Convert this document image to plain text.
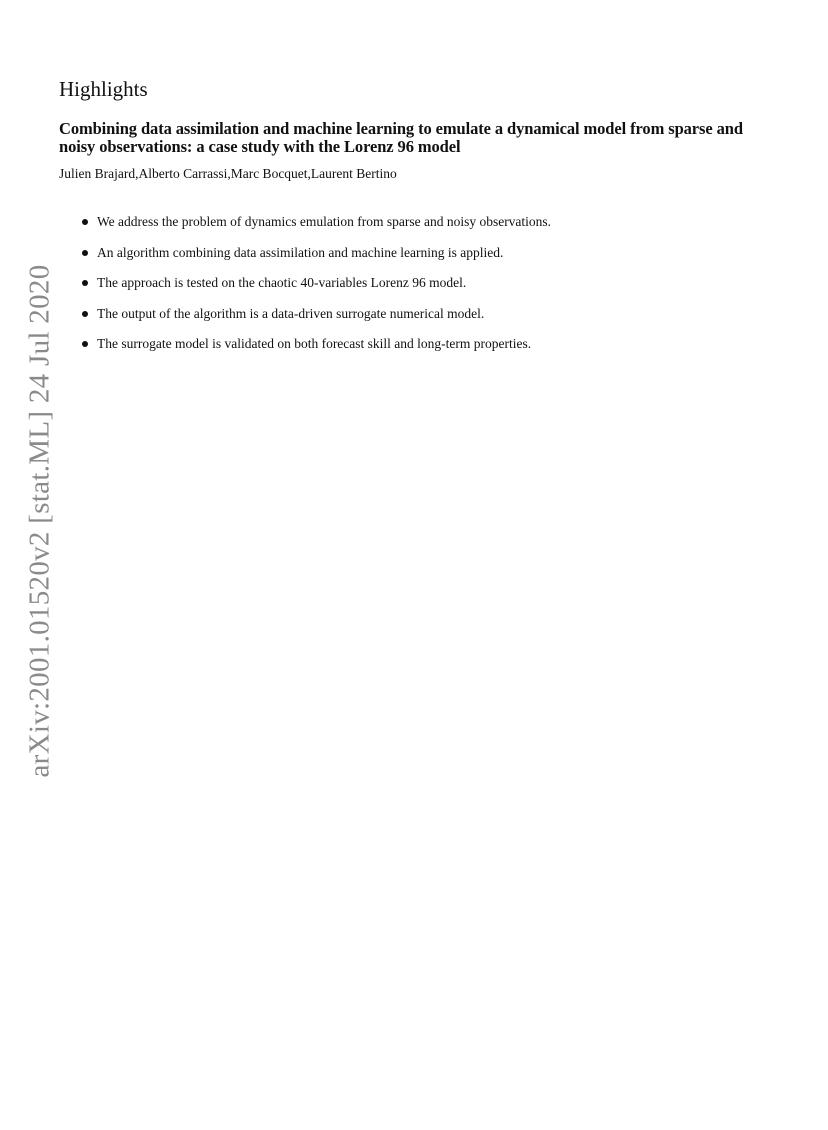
arXiv:2001.01520v2 [stat.ML] 24 Jul 2020
Highlights
Combining data assimilation and machine learning to emulate a dynamical model from sparse and noisy observations: a case study with the Lorenz 96 model

Julien Brajard,Alberto Carrassi,Marc Bocquet,Laurent Bertino

We address the problem of dynamics emulation from sparse and noisy observations.
An algorithm combining data assimilation and machine learning is applied.
The approach is tested on the chaotic 40-variables Lorenz 96 model.
The output of the algorithm is a data-driven surrogate numerical model.
The surrogate model is validated on both forecast skill and long-term properties.
